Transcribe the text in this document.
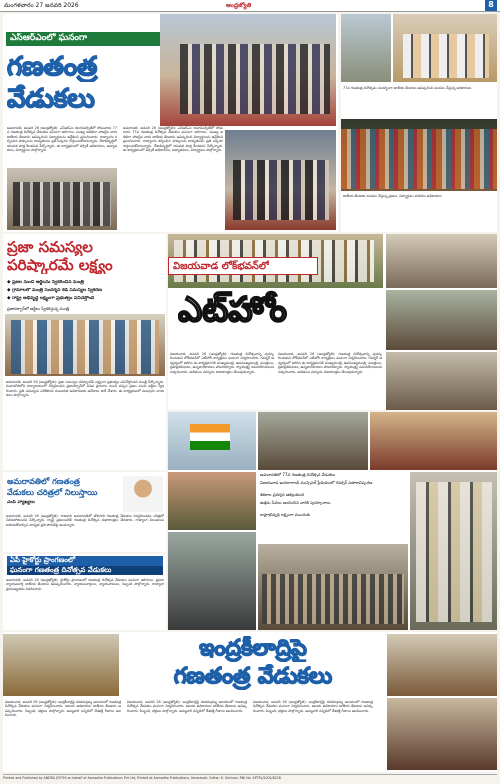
మంగళవారం 27 జనవరి 2026	ఆంధ్రజ్యోతి	8
ఎస్‌ఆర్‌ఎంలో ఘనంగా
గణతంత్ర
వేడుకలు
అమరావతి, జనవరి 26 (ఆంధ్రజ్యోతి): ఎస్‌ఆర్‌ఎం యూనివర్సిటీలో సోమవారం 77వ గణతంత్ర దినోత్సవ వేడుకలు ఘనంగా జరిగాయి. ముఖ్య అతిథిగా హాజరైన వారు జాతీయ జెండాను ఆవిష్కరించి విద్యార్థులను ఉద్దేశించి ప్రసంగించారు. రాజ్యాంగం కల్పించిన హక్కులను బాధ్యతలను ప్రతి ఒక్కరూ గుర్తుంచుకోవాలన్నారు. దేశాభివృద్ధిలో యువత పాత్ర కీలకమని పేర్కొన్నారు. ఈ కార్యక్రమంలో వర్సిటీ అధికారులు, అధ్యాపకులు, విద్యార్థులు పాల్గొన్నారు.
అమరావతి, జనవరి 26 (ఆంధ్రజ్యోతి): ఎస్‌ఆర్‌ఎం యూనివర్సిటీలో సోమవారం 77వ గణతంత్ర దినోత్సవ వేడుకలు ఘనంగా జరిగాయి. ముఖ్య అతిథిగా హాజరైన వారు జాతీయ జెండాను ఆవిష్కరించి విద్యార్థులను ఉద్దేశించి ప్రసంగించారు. రాజ్యాంగం కల్పించిన హక్కులను బాధ్యతలను ప్రతి ఒక్కరూ గుర్తుంచుకోవాలన్నారు. దేశాభివృద్ధిలో యువత పాత్ర కీలకమని పేర్కొన్నారు. ఈ కార్యక్రమంలో వర్సిటీ అధికారులు, అధ్యాపకులు, విద్యార్థులు పాల్గొన్నారు.
77వ గణతంత్ర దినోత్సవం సందర్భంగా జాతీయ జెండాను ఆవిష్కరించి వందనం చేస్తున్న అధికారులు
జాతీయ జెండాకు వందనం చేస్తున్న ప్రజలు, విద్యార్థులు మరియు అధికారులు
ప్రజా సమస్యల
పరిష్కారమే లక్ష్యం
◆ ప్రజల నుంచి అర్జీలను స్వీకరించిన మంత్రి
◆ గ్రామాలలో మంత్రి సందర్శన కేడీ సమస్యల స్వీకరణ
◆ రాష్ట్ర అభివృద్ధే లక్ష్యంగా ప్రభుత్వం పనిచేస్తోంది
ప్రజాదర్బార్‌లో అర్జీలు స్వీకరిస్తున్న మంత్రి
అమరావతి, జనవరి 26 (ఆంధ్రజ్యోతి): ప్రజా సమస్యల పరిష్కారమే లక్ష్యంగా ప్రభుత్వం పనిచేస్తోందని మంత్రి పేర్కొన్నారు. మంగళగిరిలోని కార్యాలయంలో నిర్వహించిన ప్రజాదర్బార్‌లో వివిధ ప్రాంతాల నుంచి వచ్చిన ప్రజల నుంచి అర్జీలు స్వీకరించారు. ప్రతి సమస్యను పరిశీలించి సంబంధిత అధికారులకు ఆదేశాలు జారీ చేశారు. ఈ కార్యక్రమంలో పలువురు నాయకులు పాల్గొన్నారు.
విజయవాడ లోక్‌భవన్‌లో
ఎట్‌హోం
విజయవాడ, జనవరి 26 (ఆంధ్రజ్యోతి): గణతంత్ర దినోత్సవాన్ని పురస్కరించుకుని లోక్‌భవన్‌లో ఎట్‌హోం కార్యక్రమం ఘనంగా నిర్వహించారు. గవర్నర్ ఆధ్వర్యంలో జరిగిన ఈ కార్యక్రమానికి ముఖ్యమంత్రి, ఉపముఖ్యమంత్రి, మంత్రులు, ప్రజాప్రతినిధులు, ఉన్నతాధికారులు హాజరయ్యారు. స్వాతంత్ర్య సమరయోధులను సత్కరించారు. అతిథులు పరస్పరం శుభాకాంక్షలు తెలుపుకున్నారు.
విజయవాడ, జనవరి 26 (ఆంధ్రజ్యోతి): గణతంత్ర దినోత్సవాన్ని పురస్కరించుకుని లోక్‌భవన్‌లో ఎట్‌హోం కార్యక్రమం ఘనంగా నిర్వహించారు. గవర్నర్ ఆధ్వర్యంలో జరిగిన ఈ కార్యక్రమానికి ముఖ్యమంత్రి, ఉపముఖ్యమంత్రి, మంత్రులు, ప్రజాప్రతినిధులు, ఉన్నతాధికారులు హాజరయ్యారు. స్వాతంత్ర్య సమరయోధులను సత్కరించారు. అతిథులు పరస్పరం శుభాకాంక్షలు తెలుపుకున్నారు.
అమరావతిలో 77వ గణతంత్ర దినోత్సవ వేడుకలు
విజయవాడ ఇందిరాగాంధీ మున్సిపల్ స్టేడియంలో గవర్నర్ పతాకావిష్కరణ
శకటాల ప్రదర్శన ఆకట్టుకుంది
ఉత్తమ సేవలు అందించిన వారికి పురస్కారాలు
రాష్ట్రాభివృద్ధి లక్ష్యంగా ముందుకు
అమరావతిలో గణతంత్ర
వేడుకలు చరిత్రలో నిలుస్తాయి
ఎంపీ వ్యాఖ్యలు
అమరావతి, జనవరి 26 (ఆంధ్రజ్యోతి): రాజధాని అమరావతిలో తొలిసారి గణతంత్ర వేడుకలు నిర్వహించడం చరిత్రలో నిలిచిపోతుందని పేర్కొన్నారు. రాష్ట్ర ప్రజలందరికీ గణతంత్ర దినోత్సవ శుభాకాంక్షలు తెలిపారు. రాజ్యాంగ విలువలను కాపాడుకోవాల్సిన బాధ్యత ప్రతి పౌరుడిపై ఉందన్నారు.
ఏపీ హైకోర్టు ప్రాంగణంలో
ఘనంగా గణతంత్ర దినోత్సవ వేడుకలు
అమరావతి, జనవరి 26 (ఆంధ్రజ్యోతి): హైకోర్టు ప్రాంగణంలో గణతంత్ర దినోత్సవ వేడుకలు ఘనంగా జరిగాయి. ప్రధాన న్యాయమూర్తి జాతీయ జెండాను ఆవిష్కరించారు. న్యాయమూర్తులు, న్యాయవాదులు, సిబ్బంది పాల్గొన్నారు. రాజ్యాంగ ప్రాముఖ్యతను వివరించారు.
ఇంద్రకీలాద్రిపై
గణతంత్ర వేడుకలు
విజయవాడ, జనవరి 26 (ఆంధ్రజ్యోతి): ఇంద్రకీలాద్రిపై కనకదుర్గమ్మ ఆలయంలో గణతంత్ర దినోత్సవ వేడుకలు ఘనంగా నిర్వహించారు. ఆలయ అధికారులు జాతీయ జెండాను ఆవిష్కరించారు. సిబ్బంది, భక్తులు పాల్గొన్నారు. అమ్మవారి సన్నిధిలో దేశభక్తి గీతాలు ఆలపించారు.
విజయవాడ, జనవరి 26 (ఆంధ్రజ్యోతి): ఇంద్రకీలాద్రిపై కనకదుర్గమ్మ ఆలయంలో గణతంత్ర దినోత్సవ వేడుకలు ఘనంగా నిర్వహించారు. ఆలయ అధికారులు జాతీయ జెండాను ఆవిష్కరించారు. సిబ్బంది, భక్తులు పాల్గొన్నారు. అమ్మవారి సన్నిధిలో దేశభక్తి గీతాలు ఆలపించారు.
విజయవాడ, జనవరి 26 (ఆంధ్రజ్యోతి): ఇంద్రకీలాద్రిపై కనకదుర్గమ్మ ఆలయంలో గణతంత్ర దినోత్సవ వేడుకలు ఘనంగా నిర్వహించారు. ఆలయ అధికారులు జాతీయ జెండాను ఆవిష్కరించారు. సిబ్బంది, భక్తులు పాల్గొన్నారు. అమ్మవారి సన్నిధిలో దేశభక్తి గీతాలు ఆలపించారు.
Printed and Published by ANDRA JYOTHI on behalf of Aamodha Publications Pvt Ltd, Printed at Aamodha Publications, Amaravati. Editor: K. Srinivas. RNI No. APTEL/2002/8228
